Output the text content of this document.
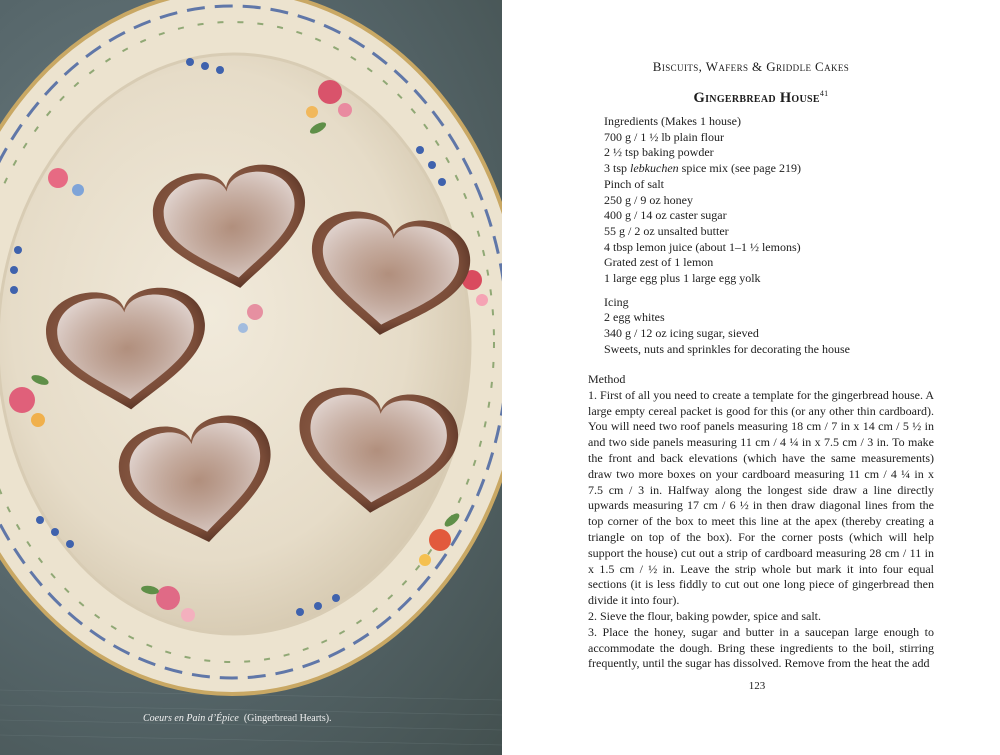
Coeurs en Pain d’Épice (Gingerbread Hearts).
Biscuits, Wafers & Griddle Cakes
Gingerbread House$^{41}$
Ingredients (Makes 1 house)
700 g / 1 ½ lb plain flour
2 ½ tsp baking powder
3 tsp lebkuchen spice mix (see page 219)
Pinch of salt
250 g / 9 oz honey
400 g / 14 oz caster sugar
55 g / 2 oz unsalted butter
4 tbsp lemon juice (about 1–1 ½ lemons)
Grated zest of 1 lemon
1 large egg plus 1 large egg yolk
Icing
2 egg whites
340 g / 12 oz icing sugar, sieved
Sweets, nuts and sprinkles for decorating the house
Method

1. First of all you need to create a template for the gingerbread house. A large empty cereal packet is good for this (or any other thin cardboard). You will need two roof panels measuring 18 cm / 7 in x 14 cm / 5 ½ in and two side panels measuring 11 cm / 4 ¼ in x 7.5 cm / 3 in. To make the front and back elevations (which have the same measurements) draw two more boxes on your cardboard measuring 11 cm / 4 ¼ in x 7.5 cm / 3 in. Halfway along the longest side draw a line directly upwards measuring 17 cm / 6 ½ in then draw diagonal lines from the top corner of the box to meet this line at the apex (thereby creating a triangle on top of the box). For the corner posts (which will help support the house) cut out a strip of cardboard measuring 28 cm / 11 in x 1.5 cm / ½ in. Leave the strip whole but mark it into four equal sections (it is less fiddly to cut out one long piece of gingerbread then divide it into four).

2. Sieve the flour, baking powder, spice and salt.

3. Place the honey, sugar and butter in a saucepan large enough to accommodate the dough. Bring these ingredients to the boil, stirring frequently, until the sugar has dissolved. Remove from the heat the add

123
